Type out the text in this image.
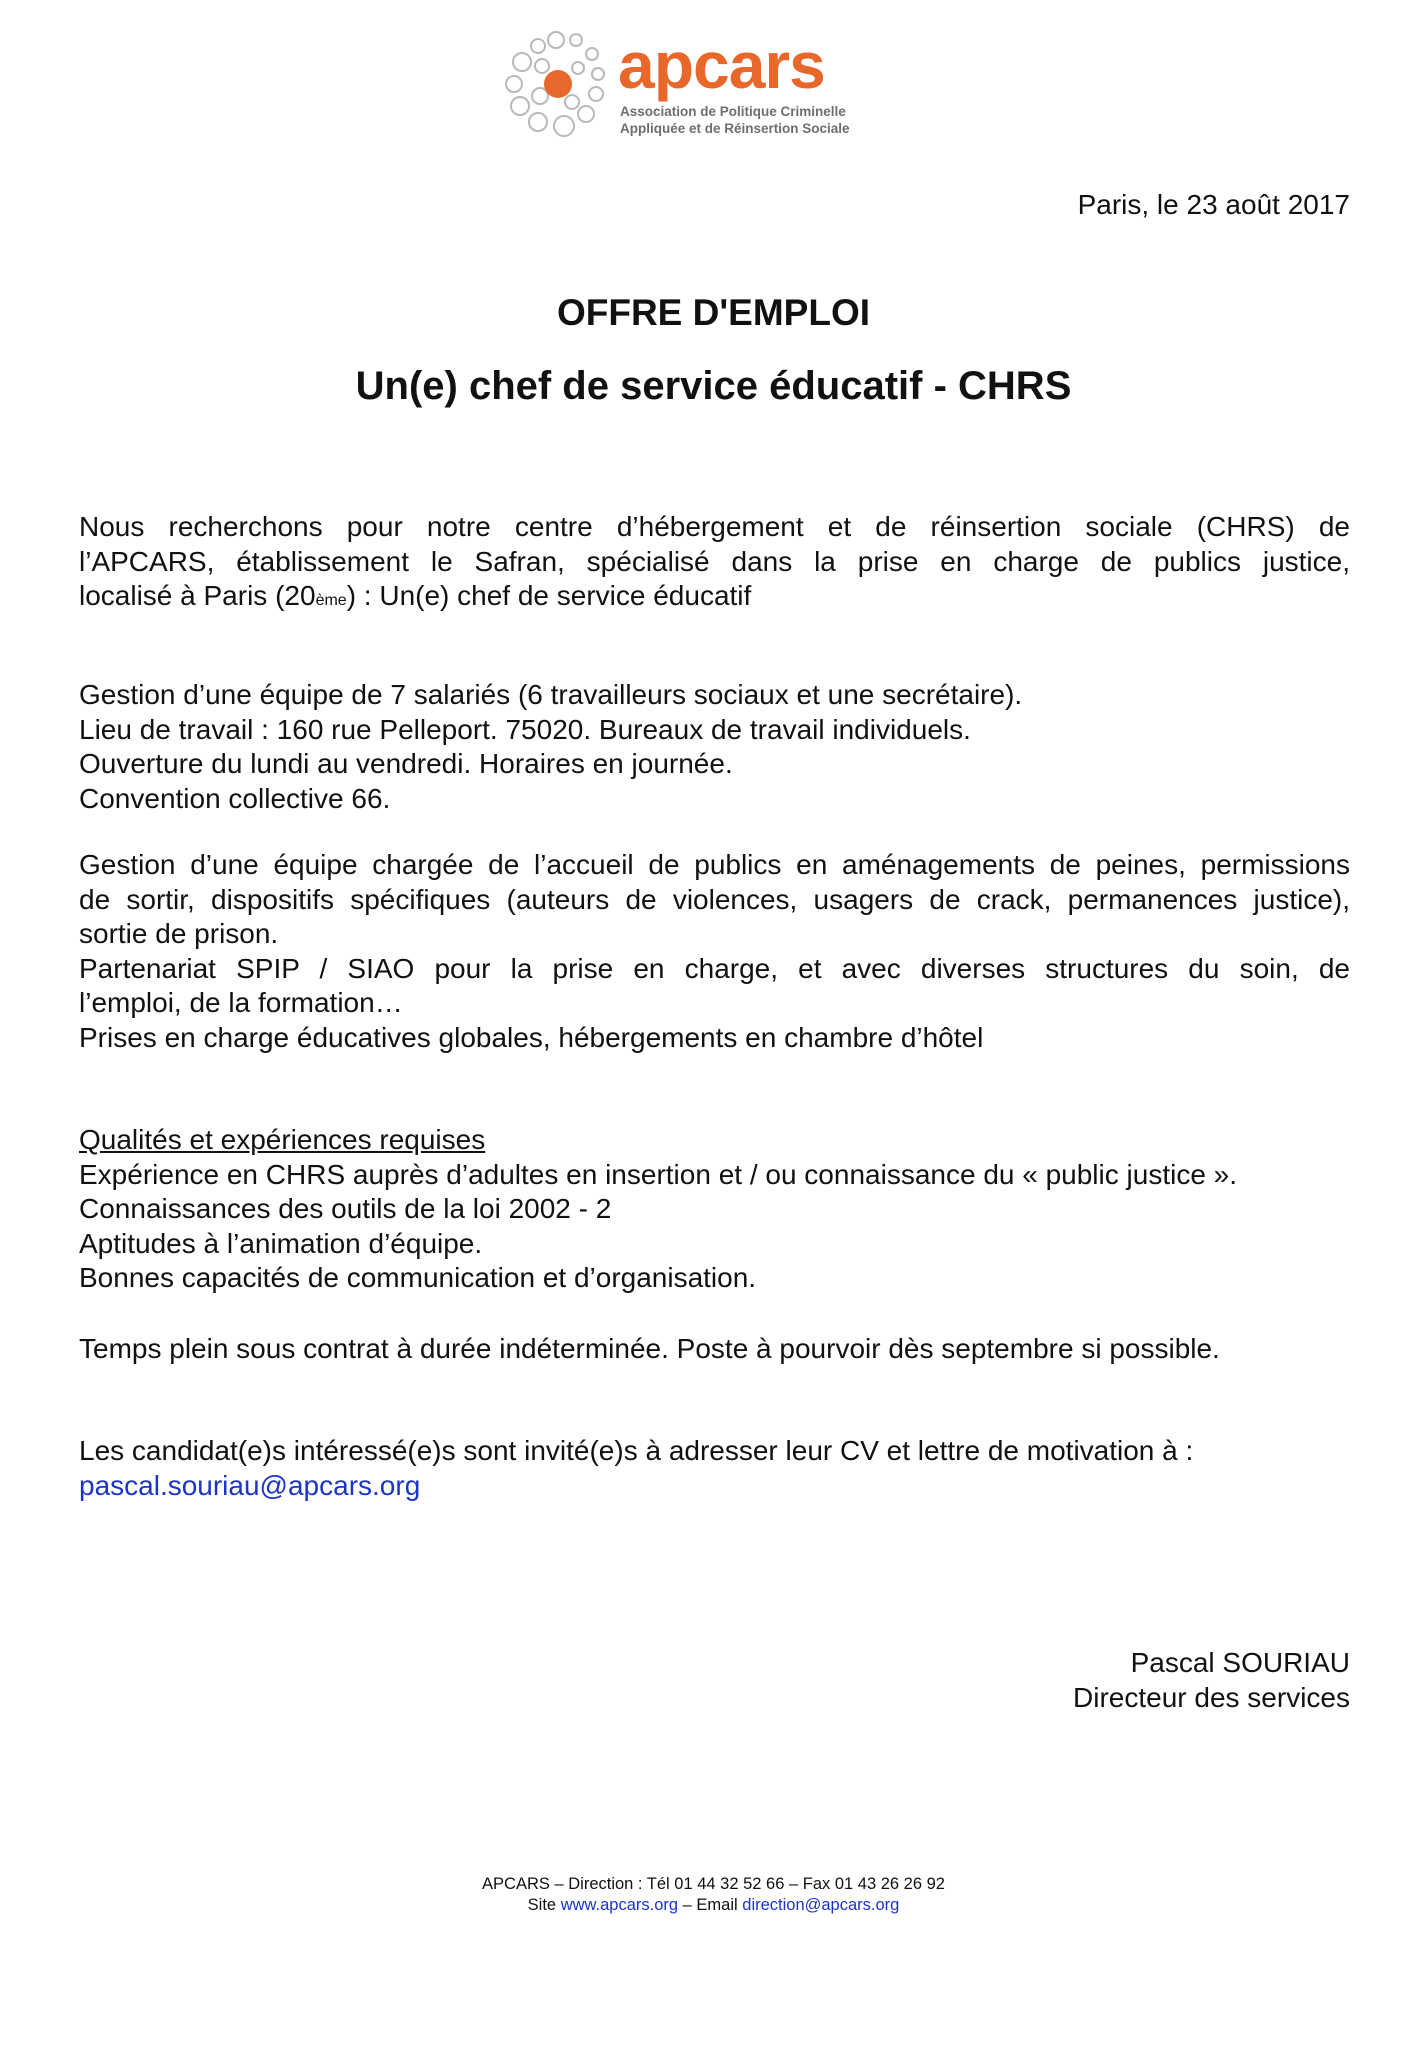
apcars
Association de Politique Criminelle
Appliquée et de Réinsertion Sociale
Paris, le 23 août 2017
OFFRE D'EMPLOI
Un(e) chef de service éducatif - CHRS
Nous recherchons pour notre centre d’hébergement et de réinsertion sociale (CHRS) de
l’APCARS, établissement le Safran, spécialisé dans la prise en charge de publics justice,
localisé à Paris (20ème) : Un(e) chef de service éducatif
Gestion d’une équipe de 7 salariés (6 travailleurs sociaux et une secrétaire).
Lieu de travail : 160 rue Pelleport. 75020. Bureaux de travail individuels.
Ouverture du lundi au vendredi. Horaires en journée.
Convention collective 66.
Gestion d’une équipe chargée de l’accueil de publics en aménagements de peines, permissions
de sortir, dispositifs spécifiques (auteurs de violences, usagers de crack, permanences justice),
sortie de prison.
Partenariat SPIP / SIAO pour la prise en charge, et avec diverses structures du soin, de
l’emploi, de la formation…
Prises en charge éducatives globales, hébergements en chambre d’hôtel
Qualités et expériences requises
Expérience en CHRS auprès d’adultes en insertion et / ou connaissance du « public justice ».
Connaissances des outils de la loi 2002 - 2
Aptitudes à l’animation d’équipe.
Bonnes capacités de communication et d’organisation.
Temps plein sous contrat à durée indéterminée. Poste à pourvoir dès septembre si possible.
Les candidat(e)s intéressé(e)s sont invité(e)s à adresser leur CV et lettre de motivation à :
pascal.souriau@apcars.org
Pascal SOURIAU
Directeur des services
APCARS – Direction : Tél 01 44 32 52 66 – Fax 01 43 26 26 92
Site www.apcars.org – Email direction@apcars.org
